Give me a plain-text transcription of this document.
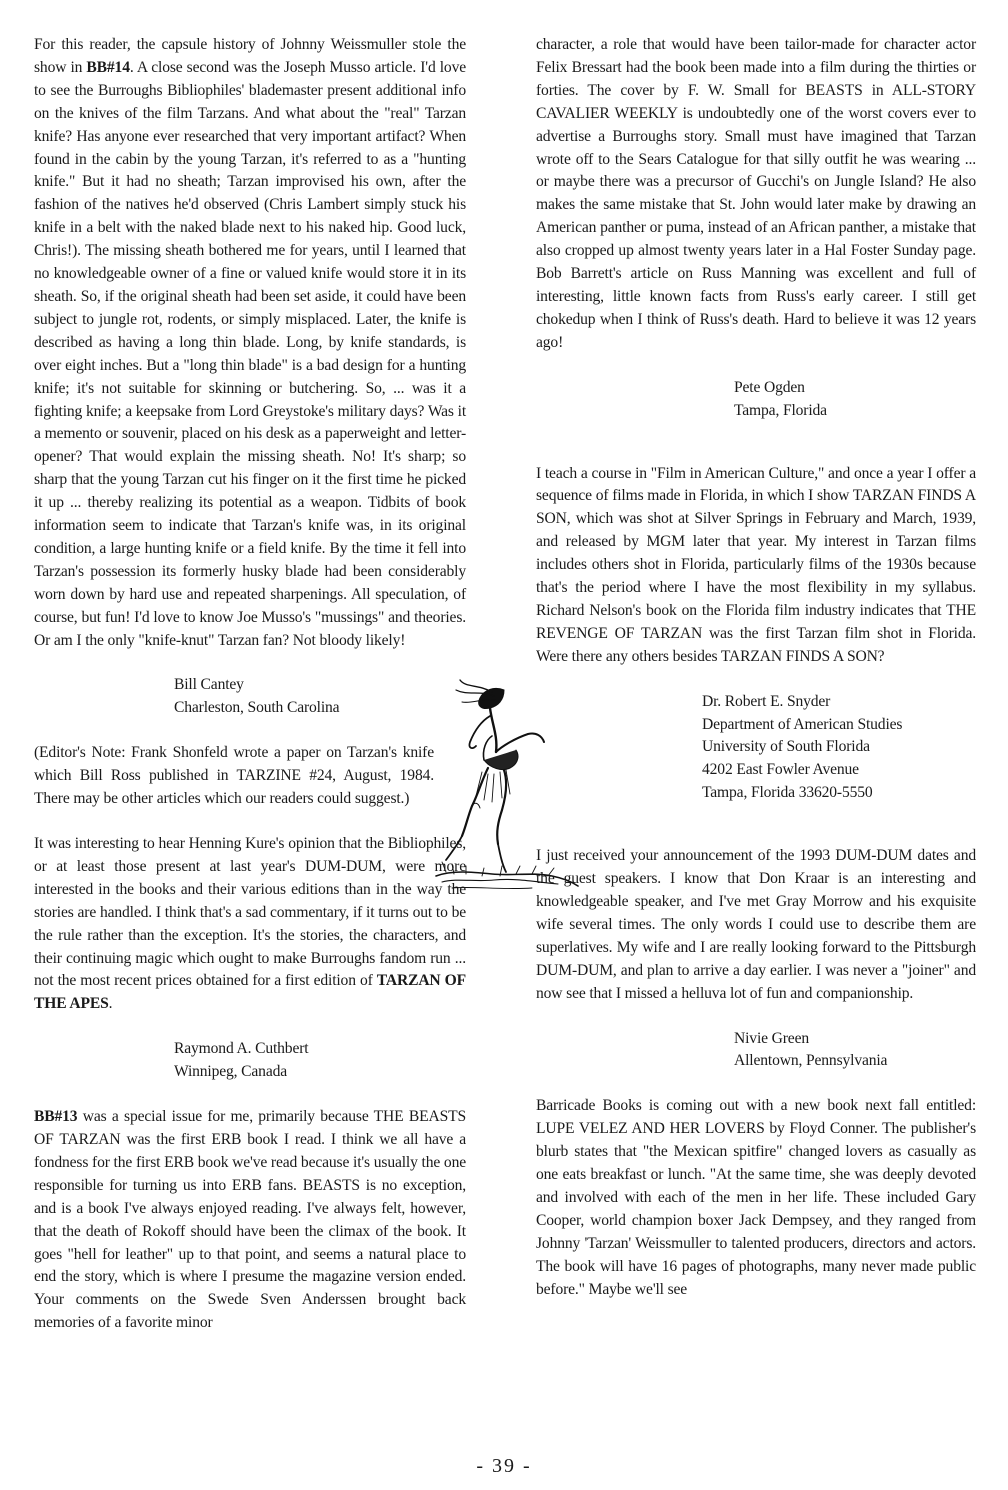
For this reader, the capsule history of Johnny Weissmuller stole the show in BB#14. A close second was the Joseph Musso article. I'd love to see the Burroughs Bibliophiles' blademaster present additional info on the knives of the film Tarzans. And what about the "real" Tarzan knife? Has anyone ever researched that very important artifact? When found in the cabin by the young Tarzan, it's referred to as a "hunting knife." But it had no sheath; Tarzan improvised his own, after the fashion of the natives he'd observed (Chris Lambert simply stuck his knife in a belt with the naked blade next to his naked hip. Good luck, Chris!). The missing sheath bothered me for years, until I learned that no knowledgeable owner of a fine or valued knife would store it in its sheath. So, if the original sheath had been set aside, it could have been subject to jungle rot, rodents, or simply misplaced. Later, the knife is described as having a long thin blade. Long, by knife standards, is over eight inches. But a "long thin blade" is a bad design for a hunting knife; it's not suitable for skinning or butchering. So, ... was it a fighting knife; a keepsake from Lord Greystoke's military days? Was it a memento or souvenir, placed on his desk as a paperweight and letter-opener? That would explain the missing sheath. No! It's sharp; so sharp that the young Tarzan cut his finger on it the first time he picked it up ... thereby realizing its potential as a weapon. Tidbits of book information seem to indicate that Tarzan's knife was, in its original condition, a large hunting knife or a field knife. By the time it fell into Tarzan's possession its formerly husky blade had been considerably worn down by hard use and repeated sharpenings. All speculation, of course, but fun! I'd love to know Joe Musso's "mussings" and theories. Or am I the only "knife-knut" Tarzan fan? Not bloody likely!

Bill Cantey
Charleston, South Carolina

(Editor's Note: Frank Shonfeld wrote a paper on Tarzan's knife which Bill Ross published in TARZINE #24, August, 1984. There may be other articles which our readers could suggest.)

It was interesting to hear Henning Kure's opinion that the Bibliophiles, or at least those present at last year's DUM-DUM, were more interested in the books and their various editions than in the way the stories are handled. I think that's a sad commentary, if it turns out to be the rule rather than the exception. It's the stories, the characters, and their continuing magic which ought to make Burroughs fandom run ... not the most recent prices obtained for a first edition of TARZAN OF THE APES.

Raymond A. Cuthbert
Winnipeg, Canada

BB#13 was a special issue for me, primarily because THE BEASTS OF TARZAN was the first ERB book I read. I think we all have a fondness for the first ERB book we've read because it's usually the one responsible for turning us into ERB fans. BEASTS is no exception, and is a book I've always enjoyed reading. I've always felt, however, that the death of Rokoff should have been the climax of the book. It goes "hell for leather" up to that point, and seems a natural place to end the story, which is where I presume the magazine version ended. Your comments on the Swede Sven Anderssen brought back memories of a favorite minor

character, a role that would have been tailor-made for character actor Felix Bressart had the book been made into a film during the thirties or forties. The cover by F. W. Small for BEASTS in ALL-STORY CAVALIER WEEKLY is undoubtedly one of the worst covers ever to advertise a Burroughs story. Small must have imagined that Tarzan wrote off to the Sears Catalogue for that silly outfit he was wearing ... or maybe there was a precursor of Gucchi's on Jungle Island? He also makes the same mistake that St. John would later make by drawing an American panther or puma, instead of an African panther, a mistake that also cropped up almost twenty years later in a Hal Foster Sunday page. Bob Barrett's article on Russ Manning was excellent and full of interesting, little known facts from Russ's early career. I still get chokedup when I think of Russ's death. Hard to believe it was 12 years ago!

Pete Ogden
Tampa, Florida

I teach a course in "Film in American Culture," and once a year I offer a sequence of films made in Florida, in which I show TARZAN FINDS A SON, which was shot at Silver Springs in February and March, 1939, and released by MGM later that year. My interest in Tarzan films includes others shot in Florida, particularly films of the 1930s because that's the period where I have the most flexibility in my syllabus. Richard Nelson's book on the Florida film industry indicates that THE REVENGE OF TARZAN was the first Tarzan film shot in Florida. Were there any others besides TARZAN FINDS A SON?

Dr. Robert E. Snyder
Department of American Studies
University of South Florida
4202 East Fowler Avenue
Tampa, Florida 33620-5550

I just received your announcement of the 1993 DUM-DUM dates and the guest speakers. I know that Don Kraar is an interesting and knowledgeable speaker, and I've met Gray Morrow and his exquisite wife several times. The only words I could use to describe them are superlatives. My wife and I are really looking forward to the Pittsburgh DUM-DUM, and plan to arrive a day earlier. I was never a "joiner" and now see that I missed a helluva lot of fun and companionship.

Nivie Green
Allentown, Pennsylvania

Barricade Books is coming out with a new book next fall entitled: LUPE VELEZ AND HER LOVERS by Floyd Conner. The publisher's blurb states that "the Mexican spitfire" changed lovers as casually as one eats breakfast or lunch. "At the same time, she was deeply devoted and involved with each of the men in her life. These included Gary Cooper, world champion boxer Jack Dempsey, and they ranged from Johnny 'Tarzan' Weissmuller to talented producers, directors and actors. The book will have 16 pages of photographs, many never made public before." Maybe we'll see

- 39 -
